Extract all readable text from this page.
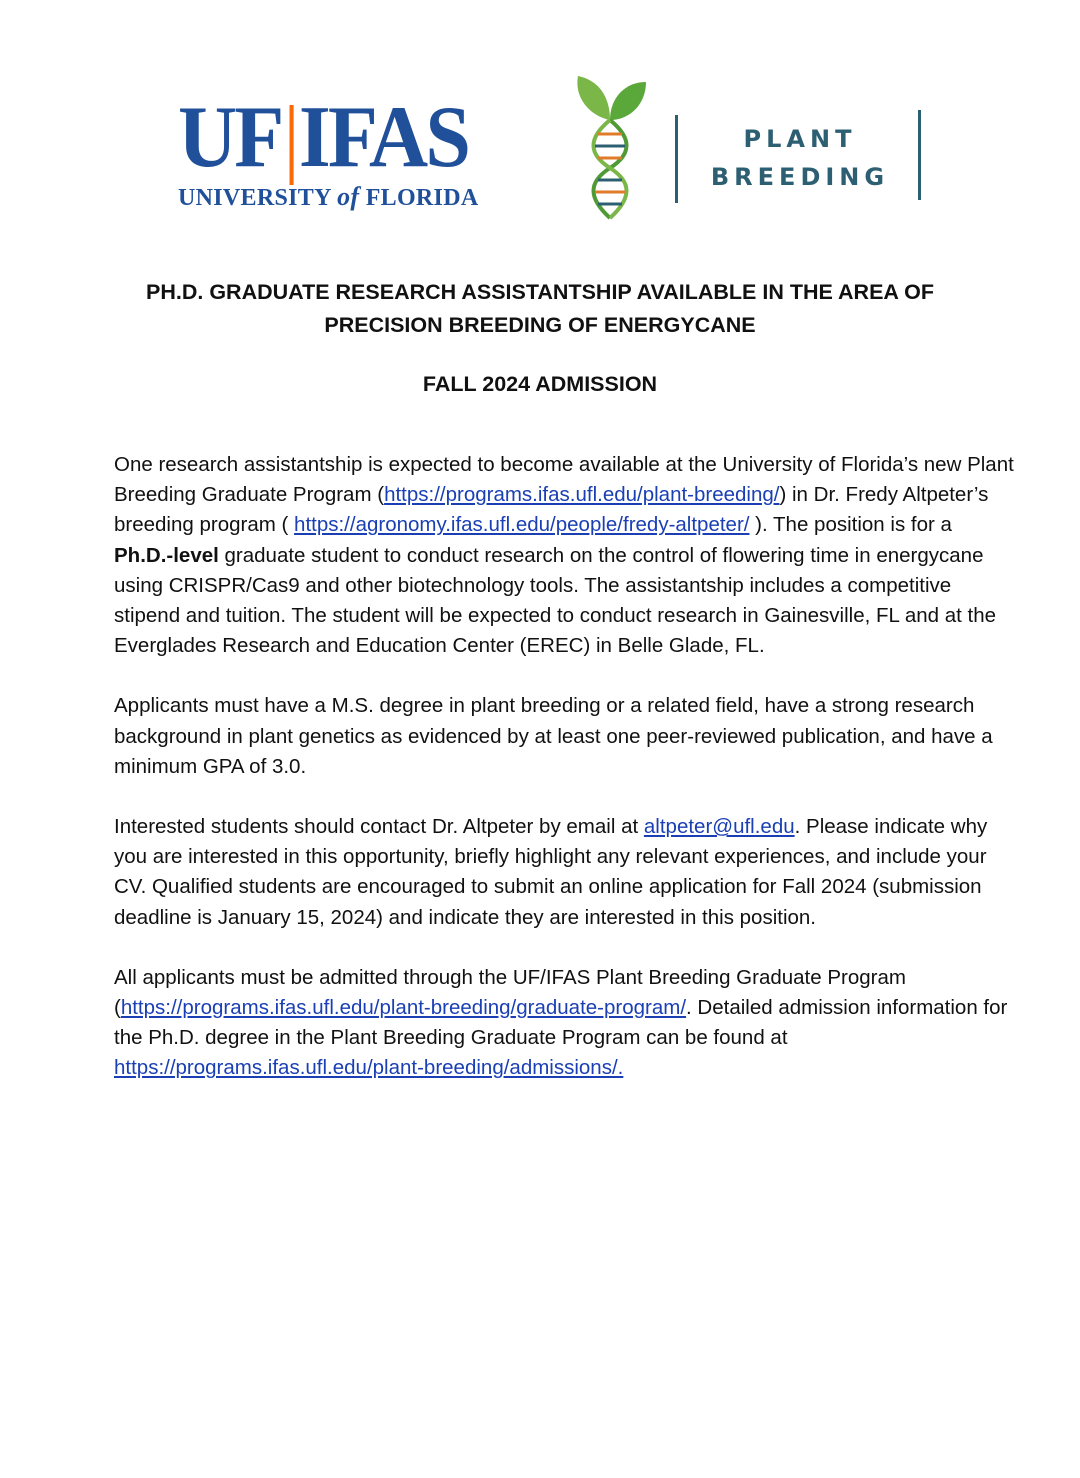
UF|IFAS
UNIVERSITY of FLORIDA
PLANT
BREEDING
PH.D. GRADUATE RESEARCH ASSISTANTSHIP AVAILABLE IN THE AREA OF
PRECISION BREEDING OF ENERGYCANE
FALL 2024 ADMISSION

One research assistantship is expected to become available at the University of Florida’s new Plant Breeding Graduate Program (https://programs.ifas.ufl.edu/plant-breeding/) in Dr. Fredy Altpeter’s breeding program ( https://agronomy.ifas.ufl.edu/people/fredy-altpeter/ ). The position is for a Ph.D.-level graduate student to conduct research on the control of flowering time in energycane using CRISPR/Cas9 and other biotechnology tools. The assistantship includes a competitive stipend and tuition. The student will be expected to conduct research in Gainesville, FL and at the Everglades Research and Education Center (EREC) in Belle Glade, FL.

Applicants must have a M.S. degree in plant breeding or a related field, have a strong research background in plant genetics as evidenced by at least one peer-reviewed publication, and have a minimum GPA of 3.0.

Interested students should contact Dr. Altpeter by email at altpeter@ufl.edu. Please indicate why you are interested in this opportunity, briefly highlight any relevant experiences, and include your CV. Qualified students are encouraged to submit an online application for Fall 2024 (submission deadline is January 15, 2024) and indicate they are interested in this position.

All applicants must be admitted through the UF/IFAS Plant Breeding Graduate Program (https://programs.ifas.ufl.edu/plant-breeding/graduate-program/. Detailed admission information for the Ph.D. degree in the Plant Breeding Graduate Program can be found at https://programs.ifas.ufl.edu/plant-breeding/admissions/.
